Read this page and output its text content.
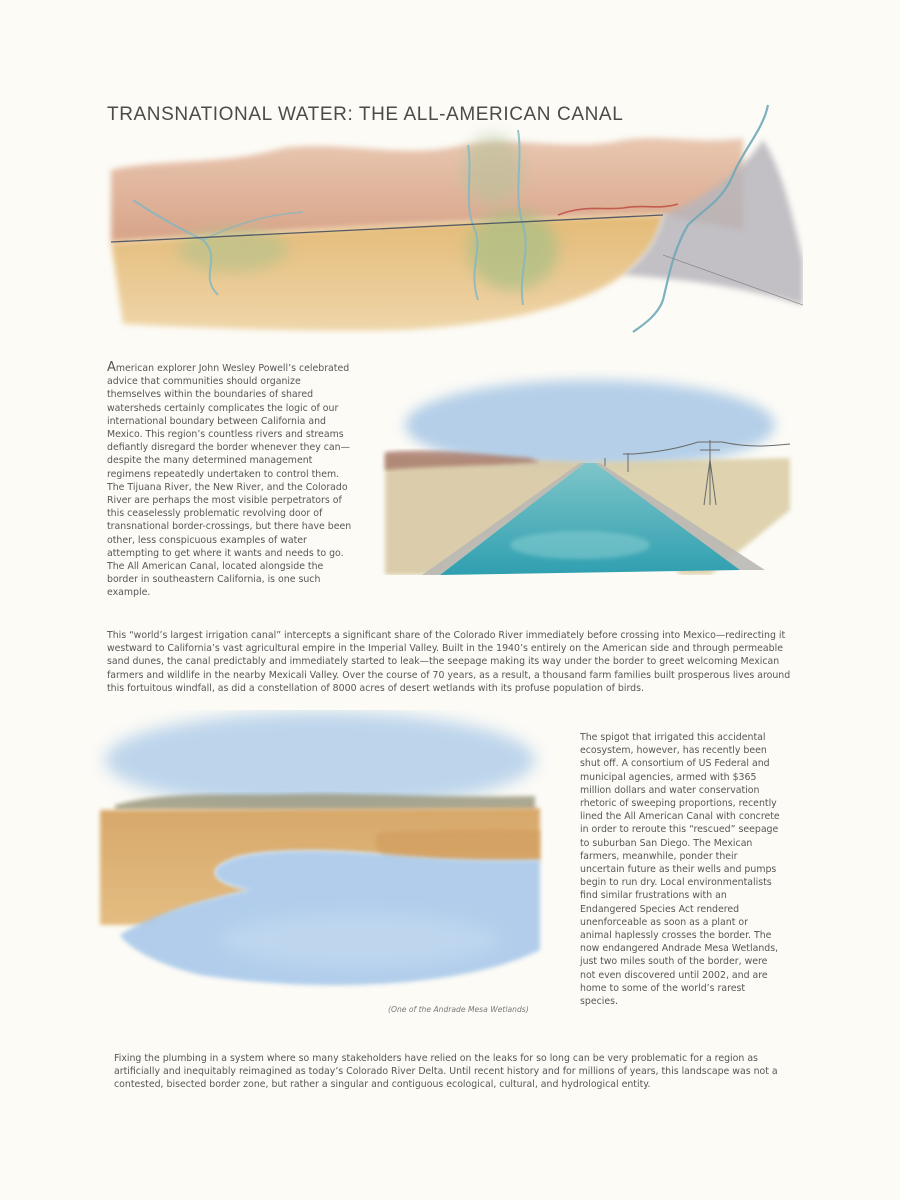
TRANSNATIONAL WATER: THE ALL-AMERICAN CANAL

American explorer John Wesley Powell’s celebrated advice that communities should organize themselves within the boundaries of shared watersheds certainly complicates the logic of our international boundary between California and Mexico. This region’s countless rivers and streams defiantly disregard the border whenever they can—despite the many determined management regimens repeatedly undertaken to control them. The Tijuana River, the New River, and the Colorado River are perhaps the most visible perpetrators of this ceaselessly problematic revolving door of transnational border-crossings, but there have been other, less conspicuous examples of water attempting to get where it wants and needs to go. The All American Canal, located alongside the border in southeastern California, is one such example.

This “world’s largest irrigation canal” intercepts a significant share of the Colorado River immediately before crossing into Mexico—redirecting it westward to California’s vast agricultural empire in the Imperial Valley. Built in the 1940’s entirely on the American side and through permeable sand dunes, the canal predictably and immediately started to leak—the seepage making its way under the border to greet welcoming Mexican farmers and wildlife in the nearby Mexicali Valley. Over the course of 70 years, as a result, a thousand farm families built prosperous lives around this fortuitous windfall, as did a constellation of 8000 acres of desert wetlands with its profuse population of birds.

(One of the Andrade Mesa Wetlands)

The spigot that irrigated this accidental ecosystem, however, has recently been shut off. A consortium of US Federal and municipal agencies, armed with $365 million dollars and water conservation rhetoric of sweeping proportions, recently lined the All American Canal with concrete in order to reroute this “rescued” seepage to suburban San Diego. The Mexican farmers, meanwhile, ponder their uncertain future as their wells and pumps begin to run dry. Local environmentalists find similar frustrations with an Endangered Species Act rendered unenforceable as soon as a plant or animal haplessly crosses the border. The now endangered Andrade Mesa Wetlands, just two miles south of the border, were not even discovered until 2002, and are home to some of the world’s rarest species.

Fixing the plumbing in a system where so many stakeholders have relied on the leaks for so long can be very problematic for a region as artificially and inequitably reimagined as today’s Colorado River Delta. Until recent history and for millions of years, this landscape was not a contested, bisected border zone, but rather a singular and contiguous ecological, cultural, and hydrological entity.
